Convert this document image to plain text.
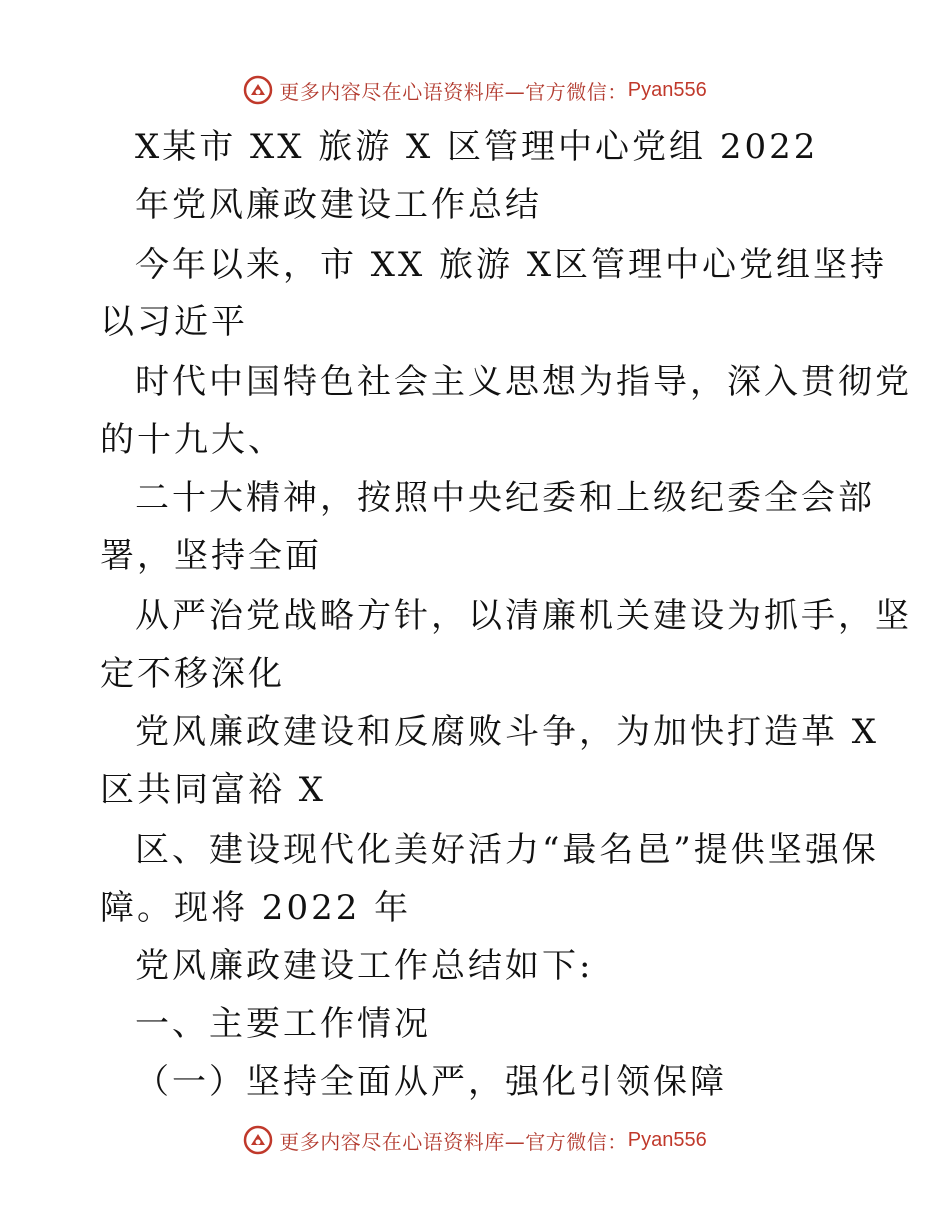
更多内容尽在心语资料库—官方微信： Pyan556
X某市 XX 旅游 X 区管理中心党组 2022
年党风廉政建设工作总结
今年以来，市 XX 旅游 X区管理中心党组坚持
以习近平
时代中国特色社会主义思想为指导，深入贯彻党
的十九大、
二十大精神，按照中央纪委和上级纪委全会部
署，坚持全面
从严治党战略方针，以清廉机关建设为抓手，坚
定不移深化
党风廉政建设和反腐败斗争，为加快打造革 X
区共同富裕 X
区、建设现代化美好活力“最名邑”提供坚强保
障。现将 2022 年
党风廉政建设工作总结如下:
一、主要工作情况
（一）坚持全面从严，强化引领保障
更多内容尽在心语资料库—官方微信： Pyan556
